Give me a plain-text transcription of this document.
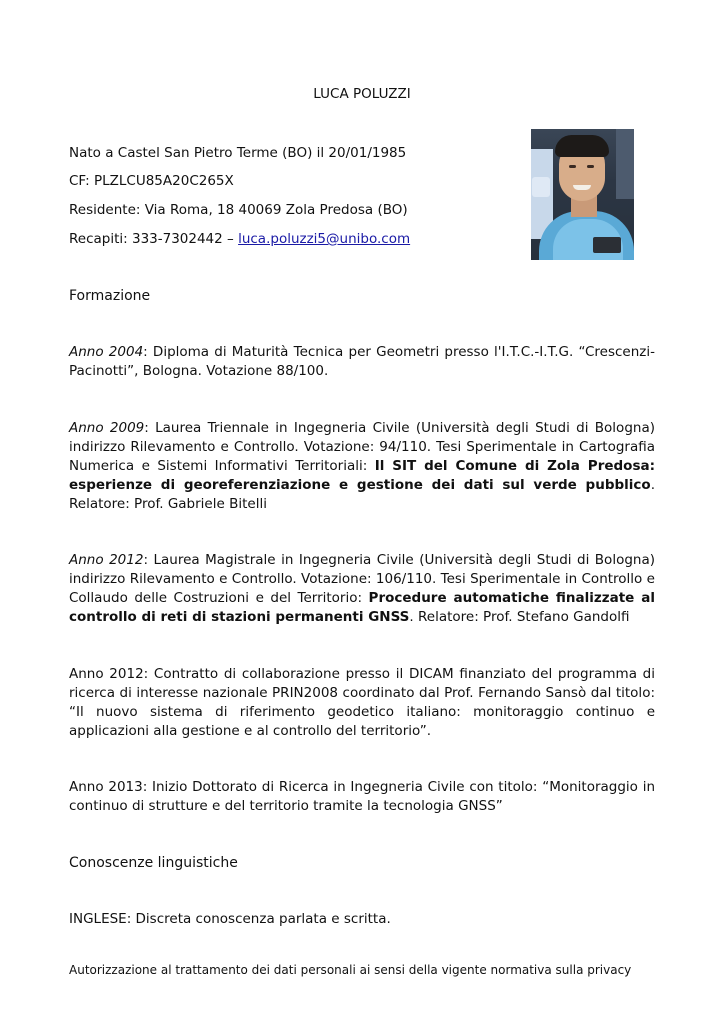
LUCA POLUZZI
Nato a Castel San Pietro Terme (BO) il 20/01/1985
CF: PLZLCU85A20C265X
Residente: Via Roma, 18 40069 Zola Predosa (BO)
Recapiti: 333-7302442 – luca.poluzzi5@unibo.com
Formazione
Anno 2004: Diploma di Maturità Tecnica per Geometri presso l'I.T.C.-I.T.G. “Crescenzi-Pacinotti”, Bologna. Votazione 88/100.
Anno 2009: Laurea Triennale in Ingegneria Civile (Università degli Studi di Bologna) indirizzo Rilevamento e Controllo. Votazione: 94/110. Tesi Sperimentale in Cartografia Numerica e Sistemi Informativi Territoriali: Il SIT del Comune di Zola Predosa: esperienze di georeferenziazione e gestione dei dati sul verde pubblico. Relatore: Prof. Gabriele Bitelli
Anno 2012: Laurea Magistrale in Ingegneria Civile (Università degli Studi di Bologna) indirizzo Rilevamento e Controllo. Votazione: 106/110. Tesi Sperimentale in Controllo e Collaudo delle Costruzioni e del Territorio: Procedure automatiche finalizzate al controllo di reti di stazioni permanenti GNSS. Relatore: Prof. Stefano Gandolfi
Anno 2012: Contratto di collaborazione presso il DICAM finanziato del programma di ricerca di interesse nazionale PRIN2008 coordinato dal Prof. Fernando Sansò dal titolo: “Il nuovo sistema di riferimento geodetico italiano: monitoraggio continuo e applicazioni alla gestione e al controllo del territorio”.
Anno 2013: Inizio Dottorato di Ricerca in Ingegneria Civile con titolo: “Monitoraggio in continuo di strutture e del territorio tramite la tecnologia GNSS”
Conoscenze linguistiche
INGLESE: Discreta conoscenza parlata e scritta.
Autorizzazione al trattamento dei dati personali ai sensi della vigente normativa sulla privacy
